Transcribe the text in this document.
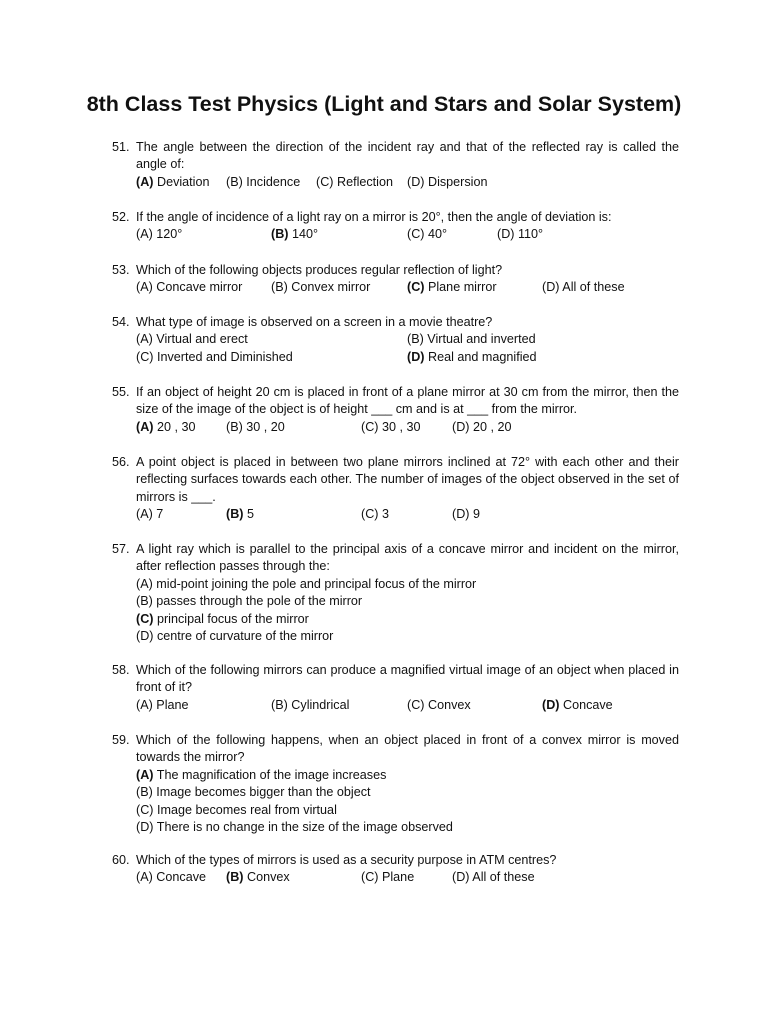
8th Class Test Physics (Light and Stars and Solar System)
51. The angle between the direction of the incident ray and that of the reflected ray is called the angle of:
(A) Deviation (B) Incidence (C) Reflection (D) Dispersion
52. If the angle of incidence of a light ray on a mirror is 20°, then the angle of deviation is:
(A) 120°	(B) 140°	(C) 40°	(D) 110°
53. Which of the following objects produces regular reflection of light?
(A) Concave mirror (B) Convex mirror	(C) Plane mirror	(D) All of these
54. What type of image is observed on a screen in a movie theatre?
(A) Virtual and erect	(B) Virtual and inverted
(C) Inverted and Diminished	(D) Real and magnified
55. If an object of height 20 cm is placed in front of a plane mirror at 30 cm from the mirror, then the size of the image of the object is of height ___ cm and is at ___ from the mirror.
(A) 20 , 30 (B) 30 , 20	(C) 30 , 30	(D) 20 , 20
56. A point object is placed in between two plane mirrors inclined at 72° with each other and their reflecting surfaces towards each other. The number of images of the object observed in the set of mirrors is ___.
(A) 7	(B) 5	(C) 3	(D) 9
57. A light ray which is parallel to the principal axis of a concave mirror and incident on the mirror, after reflection passes through the:
(A) mid-point joining the pole and principal focus of the mirror
(B) passes through the pole of the mirror
(C) principal focus of the mirror
(D) centre of curvature of the mirror
58. Which of the following mirrors can produce a magnified virtual image of an object when placed in front of it?
(A) Plane	(B) Cylindrical	(C) Convex	(D) Concave
59. Which of the following happens, when an object placed in front of a convex mirror is moved towards the mirror?
(A) The magnification of the image increases
(B) Image becomes bigger than the object
(C) Image becomes real from virtual
(D) There is no change in the size of the image observed
60. Which of the types of mirrors is used as a security purpose in ATM centres?
(A) Concave (B) Convex	(C) Plane	(D) All of these
